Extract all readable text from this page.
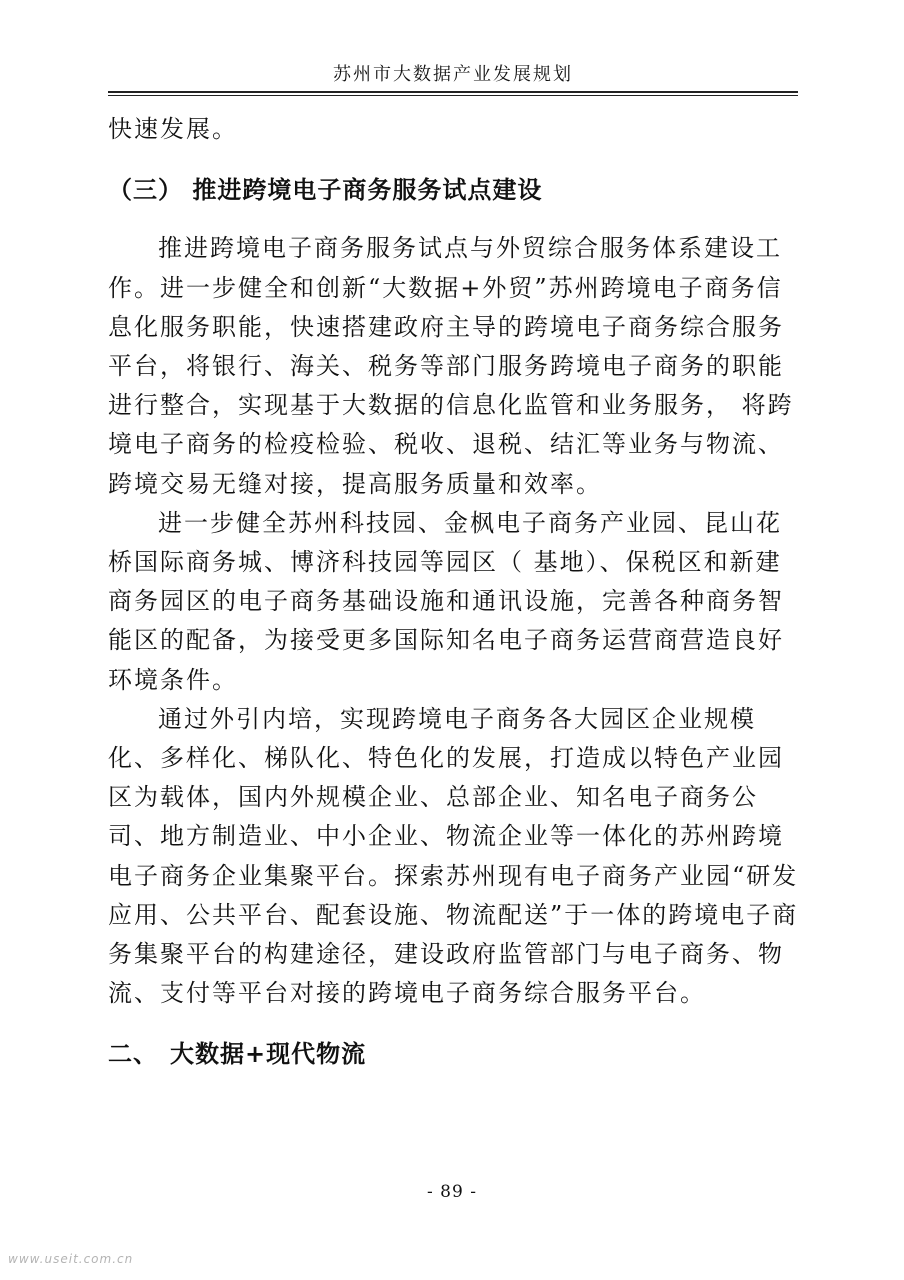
苏州市大数据产业发展规划

快速发展。

（三） 推进跨境电子商务服务试点建设

推进跨境电子商务服务试点与外贸综合服务体系建设工作。进一步健全和创新“大数据+外贸”苏州跨境电子商务信息化服务职能，快速搭建政府主导的跨境电子商务综合服务平台，将银行、海关、税务等部门服务跨境电子商务的职能进行整合，实现基于大数据的信息化监管和业务服务， 将跨境电子商务的检疫检验、税收、退税、结汇等业务与物流、跨境交易无缝对接，提高服务质量和效率。

进一步健全苏州科技园、金枫电子商务产业园、昆山花桥国际商务城、博济科技园等园区（ 基地）、保税区和新建商务园区的电子商务基础设施和通讯设施，完善各种商务智能区的配备，为接受更多国际知名电子商务运营商营造良好环境条件。

通过外引内培，实现跨境电子商务各大园区企业规模化、多样化、梯队化、特色化的发展，打造成以特色产业园区为载体，国内外规模企业、总部企业、知名电子商务公司、地方制造业、中小企业、物流企业等一体化的苏州跨境电子商务企业集聚平台。探索苏州现有电子商务产业园“研发应用、公共平台、配套设施、物流配送”于一体的跨境电子商务集聚平台的构建途径，建设政府监管部门与电子商务、物流、支付等平台对接的跨境电子商务综合服务平台。

二、 大数据+现代物流

- 89 -
www.useit.com.cn
